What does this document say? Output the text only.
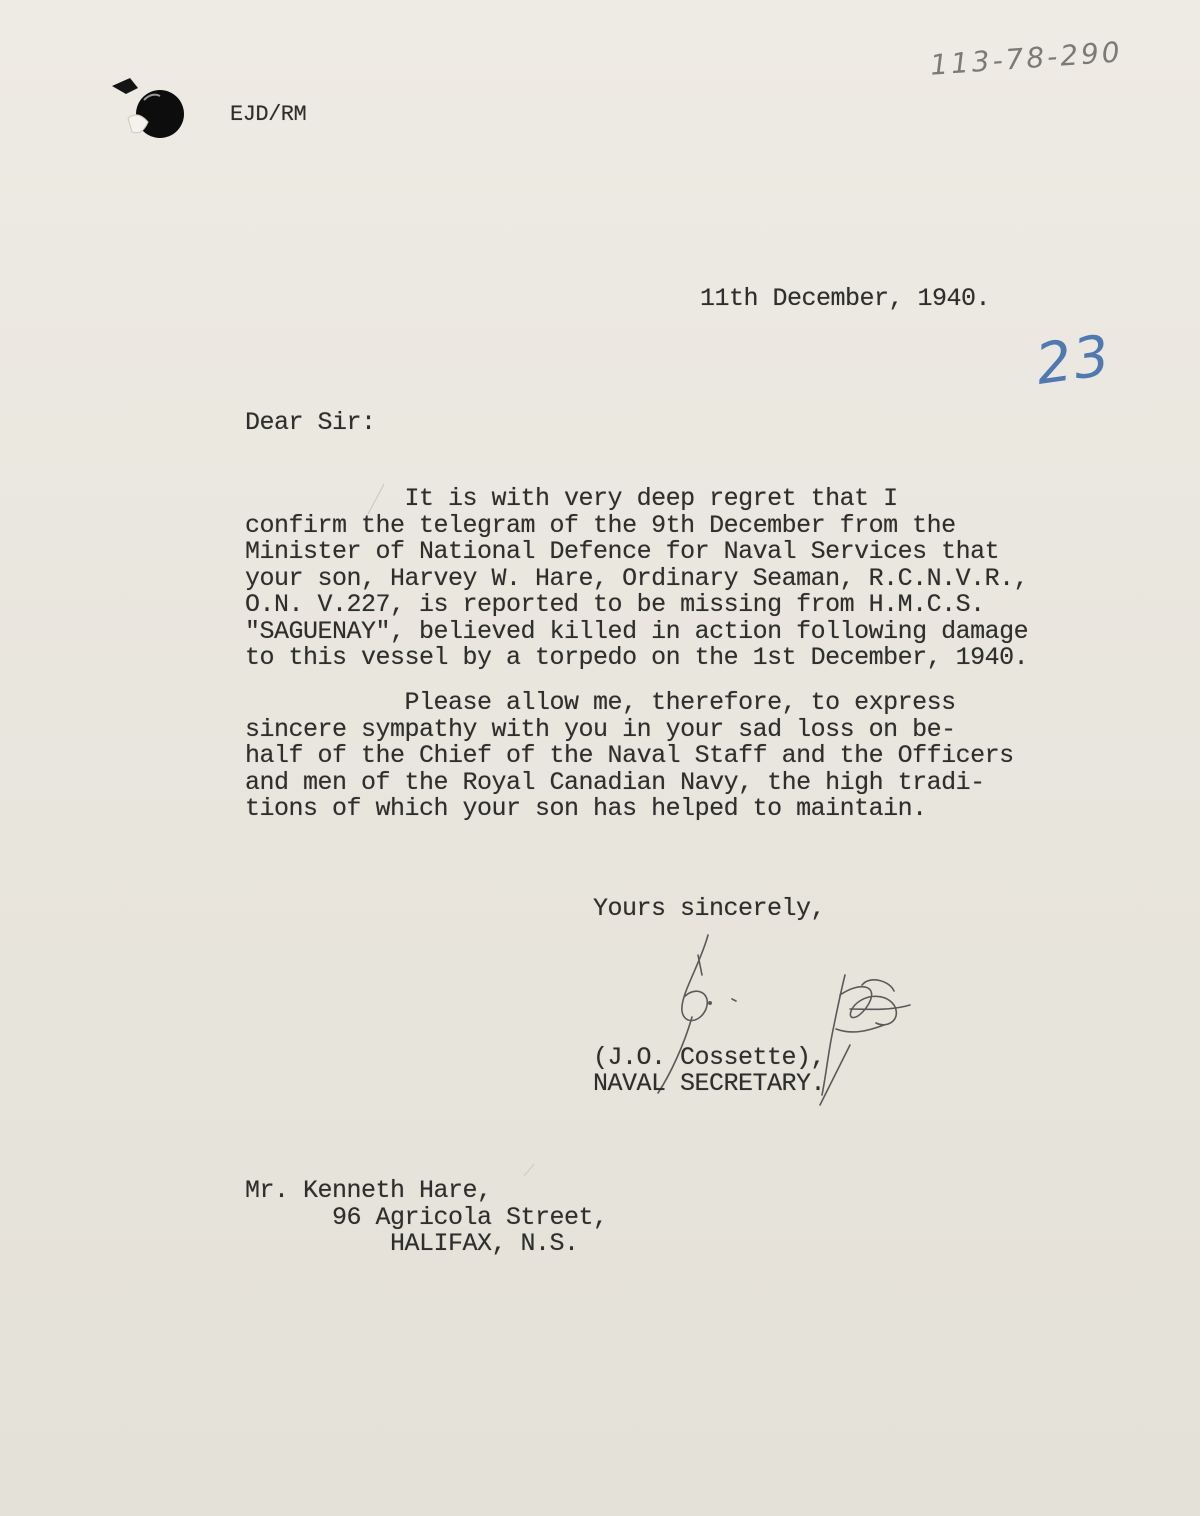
EJD/RM
113-78-290
23
11th December, 1940.
Dear Sir:
It is with very deep regret that I
confirm the telegram of the 9th December from the
Minister of National Defence for Naval Services that
your son, Harvey W. Hare, Ordinary Seaman, R.C.N.V.R.,
O.N. V.227, is reported to be missing from H.M.C.S.
"SAGUENAY", believed killed in action following damage
to this vessel by a torpedo on the 1st December, 1940.
Please allow me, therefore, to express
sincere sympathy with you in your sad loss on be-
half of the Chief of the Naval Staff and the Officers
and men of the Royal Canadian Navy, the high tradi-
tions of which your son has helped to maintain.
Yours sincerely,
(J.O. Cossette),
NAVAL SECRETARY.
Mr. Kenneth Hare,
96 Agricola Street,
HALIFAX, N.S.
